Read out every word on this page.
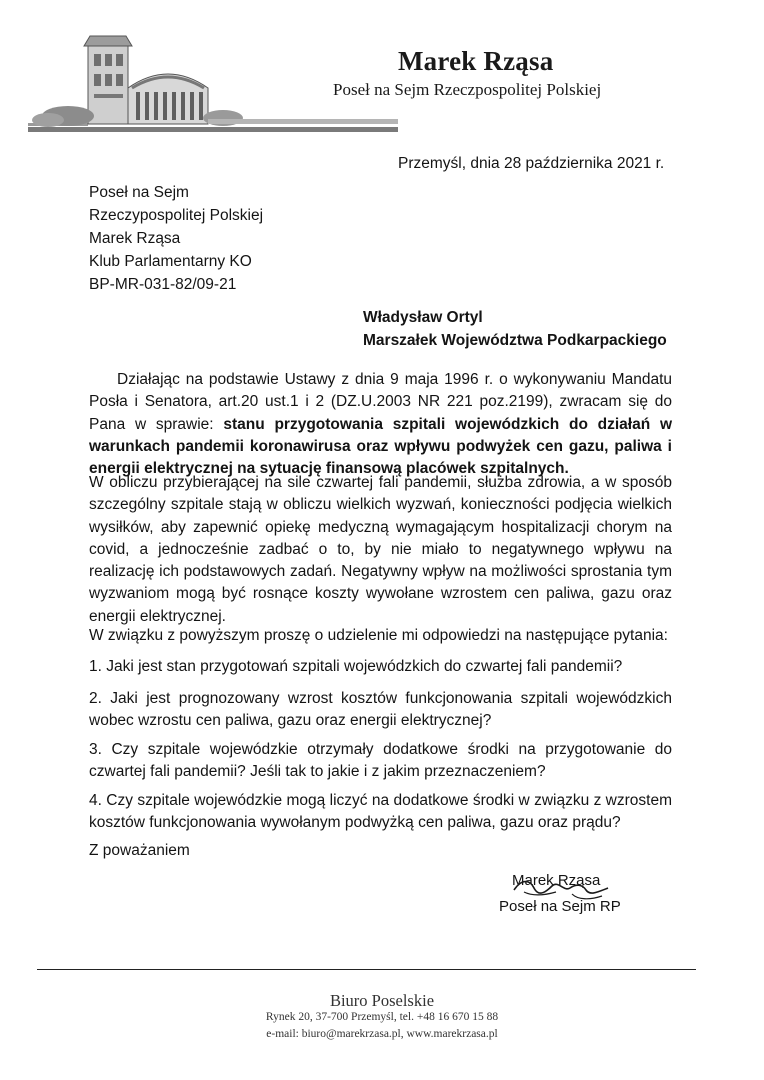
Marek Rząsa
Poseł na Sejm Rzeczpospolitej Polskiej
Przemyśl, dnia 28 października 2021 r.
Poseł na Sejm
Rzeczypospolitej Polskiej
Marek Rząsa
Klub Parlamentarny KO
BP-MR-031-82/09-21
Władysław Ortyl
Marszałek Województwa Podkarpackiego
Działając na podstawie Ustawy z dnia 9 maja 1996 r. o wykonywaniu Mandatu Posła i Senatora, art.20 ust.1 i 2 (DZ.U.2003 NR 221 poz.2199), zwracam się do Pana w sprawie: stanu przygotowania szpitali wojewódzkich do działań w warunkach pandemii koronawirusa oraz wpływu podwyżek cen gazu, paliwa i energii elektrycznej na sytuację finansową placówek szpitalnych.
W obliczu przybierającej na sile czwartej fali pandemii, służba zdrowia, a w sposób szczególny szpitale stają w obliczu wielkich wyzwań, konieczności podjęcia wielkich wysiłków, aby zapewnić opiekę medyczną wymagającym hospitalizacji chorym na covid, a jednocześnie zadbać o to, by nie miało to negatywnego wpływu na realizację ich podstawowych zadań. Negatywny wpływ na możliwości sprostania tym wyzwaniom mogą być rosnące koszty wywołane wzrostem cen paliwa, gazu oraz energii elektrycznej.
W związku z powyższym proszę o udzielenie mi odpowiedzi na następujące pytania:
1. Jaki jest stan przygotowań szpitali wojewódzkich do czwartej fali pandemii?
2. Jaki jest prognozowany wzrost kosztów funkcjonowania szpitali wojewódzkich wobec wzrostu cen paliwa, gazu oraz energii elektrycznej?
3. Czy szpitale wojewódzkie otrzymały dodatkowe środki na przygotowanie do czwartej fali pandemii? Jeśli tak to jakie i z jakim przeznaczeniem?
4. Czy szpitale wojewódzkie mogą liczyć na dodatkowe środki w związku z wzrostem kosztów funkcjonowania wywołanym podwyżką cen paliwa, gazu oraz prądu?
Z poważaniem
Marek Rząsa
Poseł na Sejm RP
Biuro Poselskie
Rynek 20, 37-700 Przemyśl, tel. +48 16 670 15 88
e-mail: biuro@marekrzasa.pl, www.marekrzasa.pl
